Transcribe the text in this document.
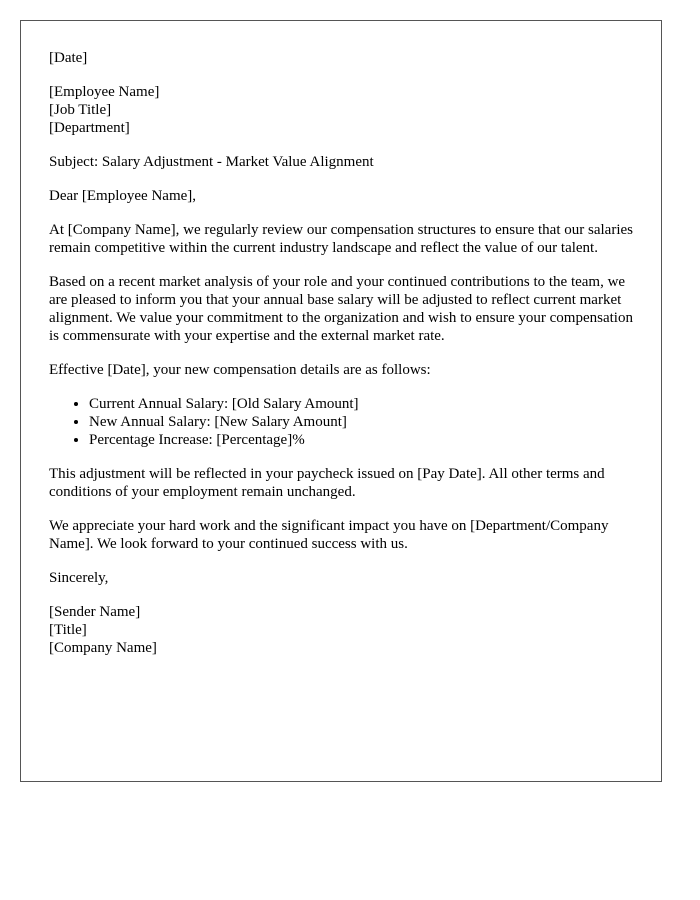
[Date]
[Employee Name]
[Job Title]
[Department]

Subject: Salary Adjustment - Market Value Alignment

Dear [Employee Name],

At [Company Name], we regularly review our compensation structures to ensure that our salaries remain competitive within the current industry landscape and reflect the value of our talent.

Based on a recent market analysis of your role and your continued contributions to the team, we are pleased to inform you that your annual base salary will be adjusted to reflect current market alignment. We value your commitment to the organization and wish to ensure your compensation is commensurate with your expertise and the external market rate.

Effective [Date], your new compensation details are as follows:

• Current Annual Salary: [Old Salary Amount]
• New Annual Salary: [New Salary Amount]
• Percentage Increase: [Percentage]%

This adjustment will be reflected in your paycheck issued on [Pay Date]. All other terms and conditions of your employment remain unchanged.

We appreciate your hard work and the significant impact you have on [Department/Company Name]. We look forward to your continued success with us.

Sincerely,

[Sender Name]
[Title]
[Company Name]
